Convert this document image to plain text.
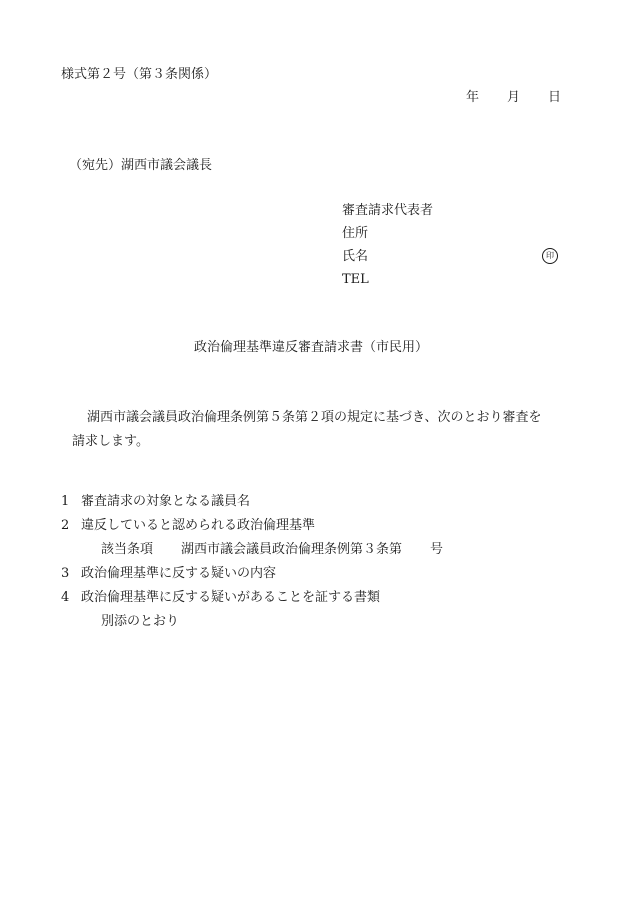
様式第２号（第３条関係）
年 月 日
（宛先）湖西市議会議長
審査請求代表者
住所
氏名	印
TEL
政治倫理基準違反審査請求書（市民用）
湖西市議会議員政治倫理条例第５条第２項の規定に基づき、次のとおり審査を
請求します。
1 審査請求の対象となる議員名
2 違反していると認められる政治倫理基準
該当条項 湖西市議会議員政治倫理条例第３条第 号
3 政治倫理基準に反する疑いの内容
4 政治倫理基準に反する疑いがあることを証する書類
別添のとおり
